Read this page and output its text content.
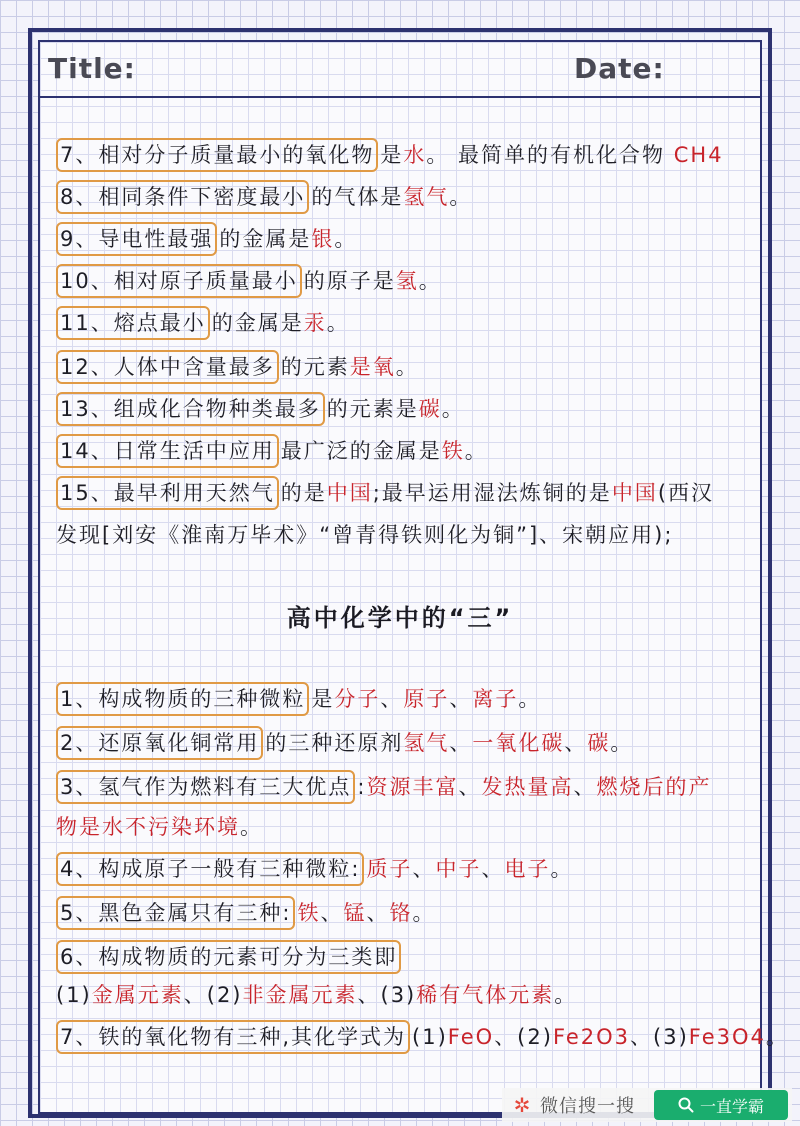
Title:	Date:
7、相对分子质量最小的氧化物 是水。 最简单的有机化合物 CH4
8、相同条件下密度最小 的气体是氢气。
9、导电性最强 的金属是银。
10、相对原子质量最小 的原子是氢。
11、熔点最小 的金属是汞。
12、人体中含量最多 的元素是氧。
13、组成化合物种类最多 的元素是碳。
14、日常生活中应用 最广泛的金属是铁。
15、最早利用天然气 的是中国;最早运用湿法炼铜的是中国(西汉
发现[刘安《淮南万毕术》“曾青得铁则化为铜”]、宋朝应用);
1、构成物质的三种微粒 是分子、原子、离子。
2、还原氧化铜常用 的三种还原剂氢气、一氧化碳、碳。
3、氢气作为燃料有三大优点 :资源丰富、发热量高、燃烧后的产
物是水不污染环境。
4、构成原子一般有三种微粒: 质子、中子、电子。
5、黑色金属只有三种: 铁、锰、铬。
6、构成物质的元素可分为三类即
(1)金属元素、(2)非金属元素、(3)稀有气体元素。
7、铁的氧化物有三种,其化学式为 (1)FeO、(2)Fe2O3、(3)Fe3O4。
高中化学中的“三”
✲ 微信搜一搜	一直学霸
